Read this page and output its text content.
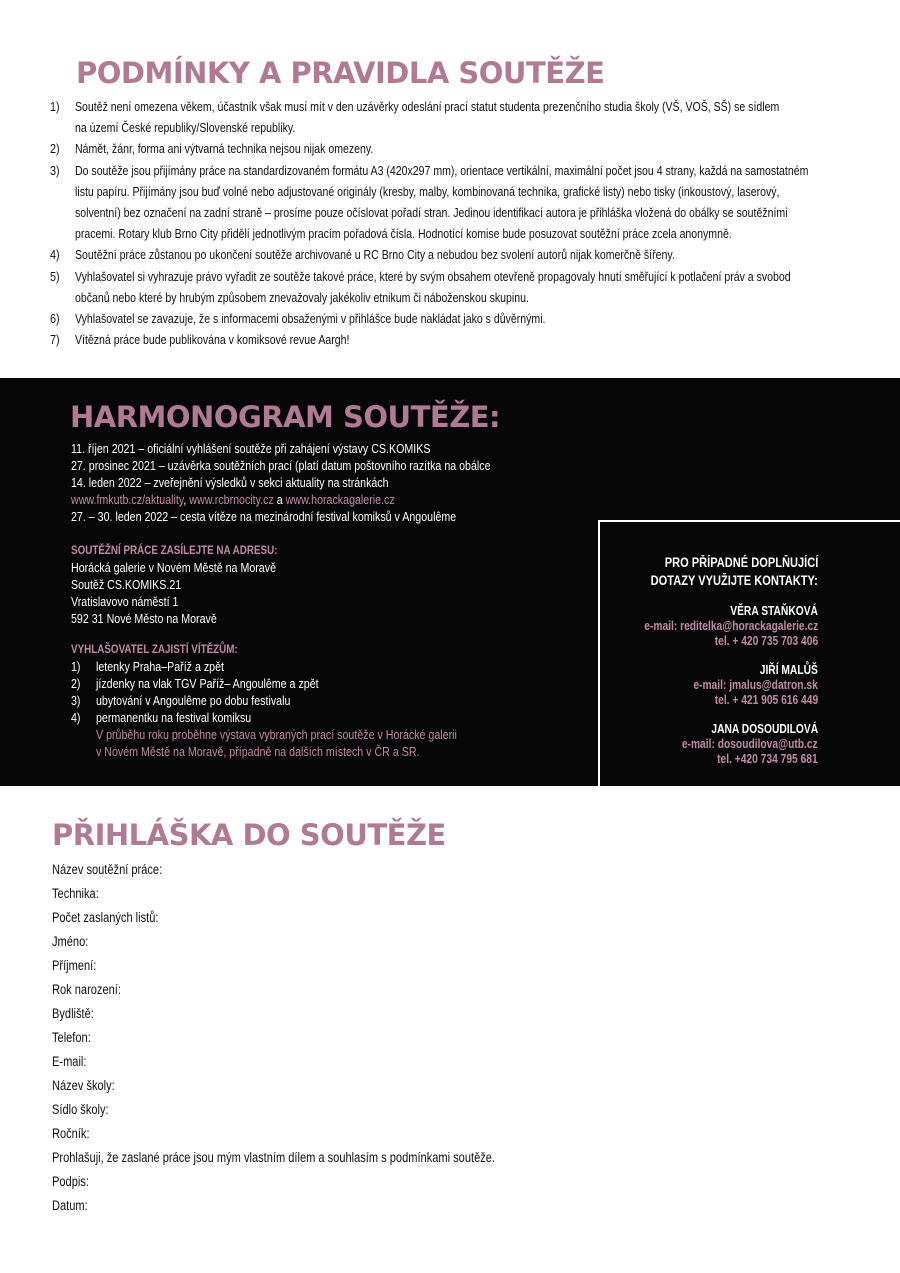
PODMÍNKY A PRAVIDLA SOUTĚŽE
1) Soutěž není omezena věkem, účastník však musí mít v den uzávěrky odeslání prací statut studenta prezenčního studia školy (VŠ, VOŠ, SŠ) se sídlem
na území České republiky/Slovenské republiky.
2) Námět, žánr, forma ani výtvarná technika nejsou nijak omezeny.
3) Do soutěže jsou přijímány práce na standardizovaném formátu A3 (420x297 mm), orientace vertikální, maximální počet jsou 4 strany, každá na samostatném
listu papíru. Přijímány jsou buď volné nebo adjustované originály (kresby, malby, kombinovaná technika, grafické listy) nebo tisky (inkoustový, laserový,
solventní) bez označení na zadní straně – prosíme pouze očíslovat pořadí stran. Jedinou identifikací autora je přihláška vložená do obálky se soutěžními
pracemi. Rotary klub Brno City přidělí jednotlivým pracím pořadová čísla. Hodnotící komise bude posuzovat soutěžní práce zcela anonymně.
4) Soutěžní práce zůstanou po ukončení soutěže archivované u RC Brno City a nebudou bez svolení autorů nijak komerčně šířeny.
5) Vyhlašovatel si vyhrazuje právo vyřadit ze soutěže takové práce, které by svým obsahem otevřeně propagovaly hnutí směřující k potlačení práv a svobod
občanů nebo které by hrubým způsobem znevažovaly jakékoliv etnikum či náboženskou skupinu.
6) Vyhlašovatel se zavazuje, že s informacemi obsaženými v přihlášce bude nakládat jako s důvěrnými.
7) Vítězná práce bude publikována v komiksové revue Aargh!
HARMONOGRAM SOUTĚŽE:
11. říjen 2021 – oficiální vyhlášení soutěže při zahájení výstavy CS.KOMIKS
27. prosinec 2021 – uzávěrka soutěžních prací (platí datum poštovního razítka na obálce
14. leden 2022 – zveřejnění výsledků v sekci aktuality na stránkách
www.fmkutb.cz/aktuality, www.rcbrnocity.cz a www.horackagalerie.cz
27. – 30. leden 2022 – cesta vítěze na mezinárodní festival komiksů v Angoulême
SOUTĚŽNÍ PRÁCE ZASÍLEJTE NA ADRESU:
Horácká galerie v Novém Městě na Moravě
Soutěž CS.KOMIKS.21
Vratislavovo náměstí 1
592 31 Nové Město na Moravě
VYHLAŠOVATEL ZAJISTÍ VÍTĚZŮM:
1) letenky Praha–Paříž a zpět
2) jízdenky na vlak TGV Paříž– Angoulême a zpět
3) ubytování v Angoulême po dobu festivalu
4) permanentku na festival komiksu
V průběhu roku proběhne výstava vybraných prací soutěže v Horácké galerii
v Novém Městě na Moravě, případně na dalších místech v ČR a SR.
PRO PŘÍPADNÉ DOPLŇUJÍCÍ
DOTAZY VYUŽIJTE KONTAKTY:
VĚRA STAŇKOVÁ
e-mail: reditelka@horackagalerie.cz
tel. + 420 735 703 406
JIŘÍ MALŮŠ
e-mail: jmalus@datron.sk
tel. + 421 905 616 449
JANA DOSOUDILOVÁ
e-mail: dosoudilova@utb.cz
tel. +420 734 795 681
PŘIHLÁŠKA DO SOUTĚŽE
Název soutěžní práce:
Technika:
Počet zaslaných listů:
Jméno:
Příjmení:
Rok narození:
Bydliště:
Telefon:
E-mail:
Název školy:
Sídlo školy:
Ročník:
Prohlašuji, že zaslané práce jsou mým vlastním dílem a souhlasím s podmínkami soutěže.
Podpis:
Datum:
